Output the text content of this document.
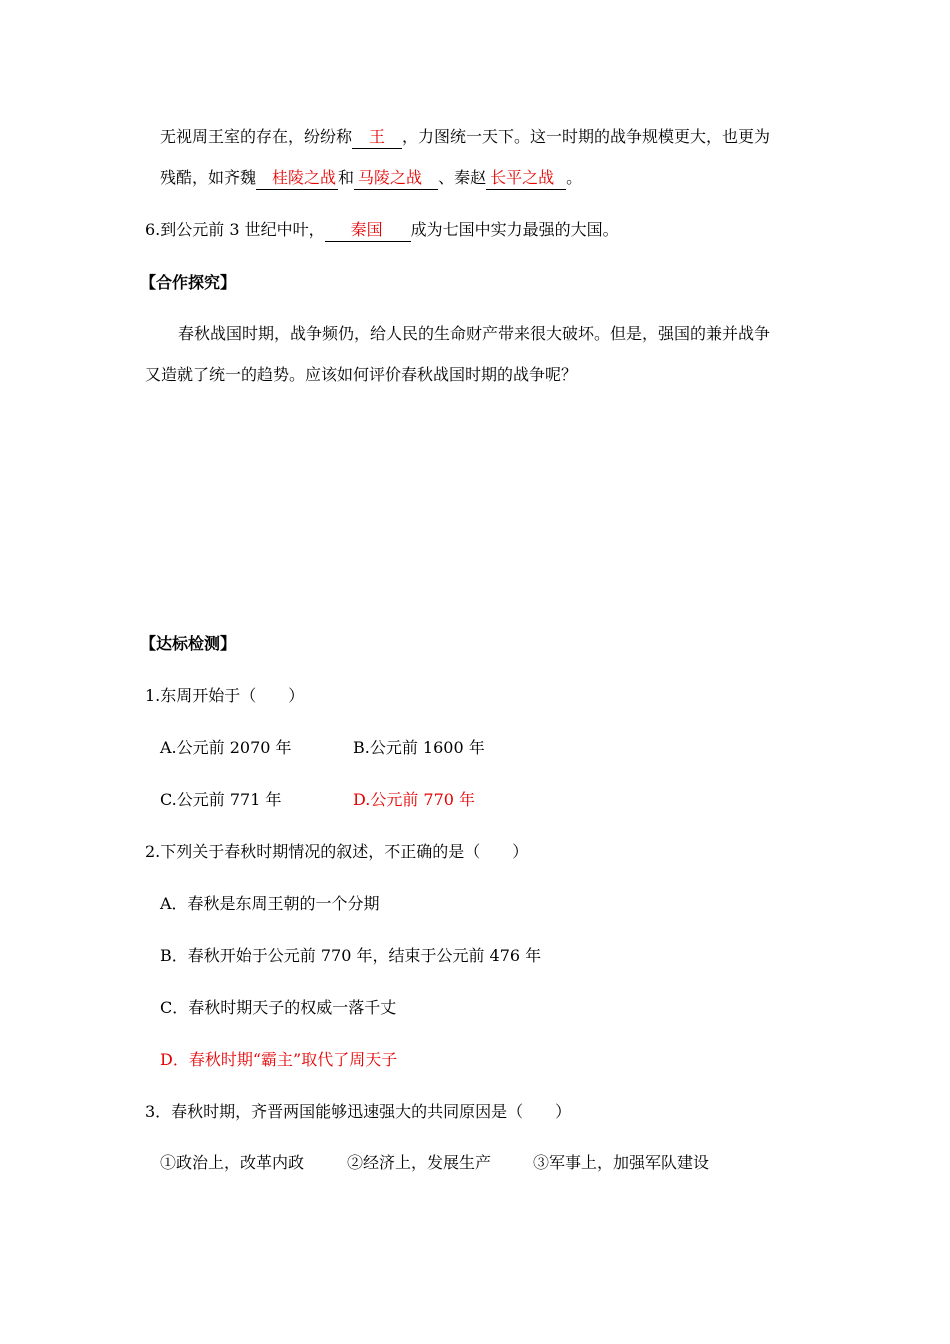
无视周王室的存在，纷纷称 王 ，力图统一天下。这一时期的战争规模更大，也更为
残酷，如齐魏 桂陵之战 和 马陵之战 、秦赵 长平之战 。
6.到公元前 3 世纪中叶， 秦国 成为七国中实力最强的大国。
【合作探究】
春秋战国时期，战争频仍，给人民的生命财产带来很大破坏。但是，强国的兼并战争
又造就了统一的趋势。应该如何评价春秋战国时期的战争呢？
【达标检测】
1.东周开始于（　　）
A.公元前 2070 年	B.公元前 1600 年
C.公元前 771 年	D.公元前 770 年
2.下列关于春秋时期情况的叙述，不正确的是（　　）
A．春秋是东周王朝的一个分期
B．春秋开始于公元前 770 年，结束于公元前 476 年
C．春秋时期天子的权威一落千丈
D．春秋时期“霸主”取代了周天子
3．春秋时期，齐晋两国能够迅速强大的共同原因是（　　）
①政治上，改革内政	②经济上，发展生产	③军事上，加强军队建设
